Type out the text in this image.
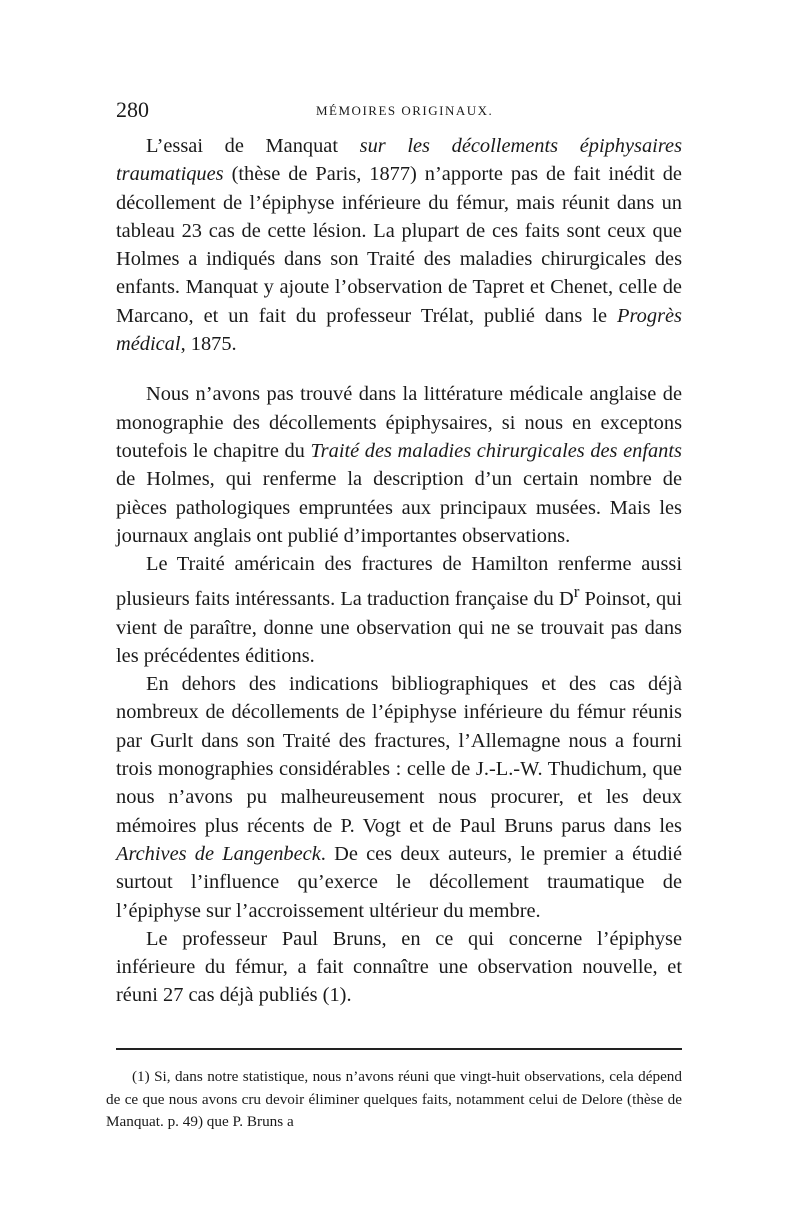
280	MÉMOIRES ORIGINAUX.

L’essai de Manquat sur les décollements épiphysaires traumatiques (thèse de Paris, 1877) n’apporte pas de fait inédit de décollement de l’épiphyse inférieure du fémur, mais réunit dans un tableau 23 cas de cette lésion. La plupart de ces faits sont ceux que Holmes a indiqués dans son Traité des maladies chirurgicales des enfants. Manquat y ajoute l’observation de Tapret et Chenet, celle de Marcano, et un fait du professeur Trélat, publié dans le Progrès médical, 1875.

Nous n’avons pas trouvé dans la littérature médicale anglaise de monographie des décollements épiphysaires, si nous en exceptons toutefois le chapitre du Traité des maladies chirurgicales des enfants de Holmes, qui renferme la description d’un certain nombre de pièces pathologiques empruntées aux principaux musées. Mais les journaux anglais ont publié d’importantes observations.

Le Traité américain des fractures de Hamilton renferme aussi plusieurs faits intéressants. La traduction française du $D^r$ Poinsot, qui vient de paraître, donne une observation qui ne se trouvait pas dans les précédentes éditions.

En dehors des indications bibliographiques et des cas déjà nombreux de décollements de l’épiphyse inférieure du fémur réunis par Gurlt dans son Traité des fractures, l’Allemagne nous a fourni trois monographies considérables : celle de J.-L.-W. Thudichum, que nous n’avons pu malheureusement nous procurer, et les deux mémoires plus récents de P. Vogt et de Paul Bruns parus dans les Archives de Langenbeck. De ces deux auteurs, le premier a étudié surtout l’influence qu’exerce le décollement traumatique de l’épiphyse sur l’accroissement ultérieur du membre.

Le professeur Paul Bruns, en ce qui concerne l’épiphyse inférieure du fémur, a fait connaître une observation nouvelle, et réuni 27 cas déjà publiés (1).

(1) Si, dans notre statistique, nous n’avons réuni que vingt-huit observations, cela dépend de ce que nous avons cru devoir éliminer quelques faits, notamment celui de Delore (thèse de Manquat. p. 49) que P. Bruns a
